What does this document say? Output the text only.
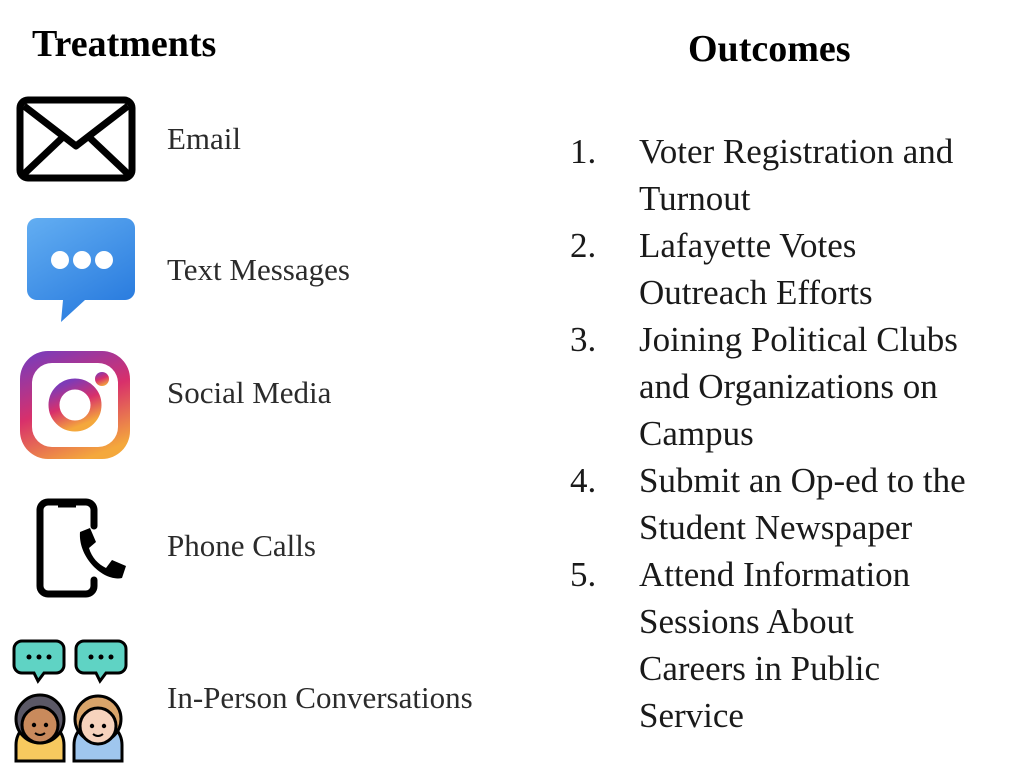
Treatments	Outcomes
Email
Text Messages
Social Media
Phone Calls
In-Person Conversations
1. Voter Registration and
Turnout
2. Lafayette Votes
Outreach Efforts
3. Joining Political Clubs
and Organizations on
Campus
4. Submit an Op-ed to the
Student Newspaper
5. Attend Information
Sessions About
Careers in Public
Service
